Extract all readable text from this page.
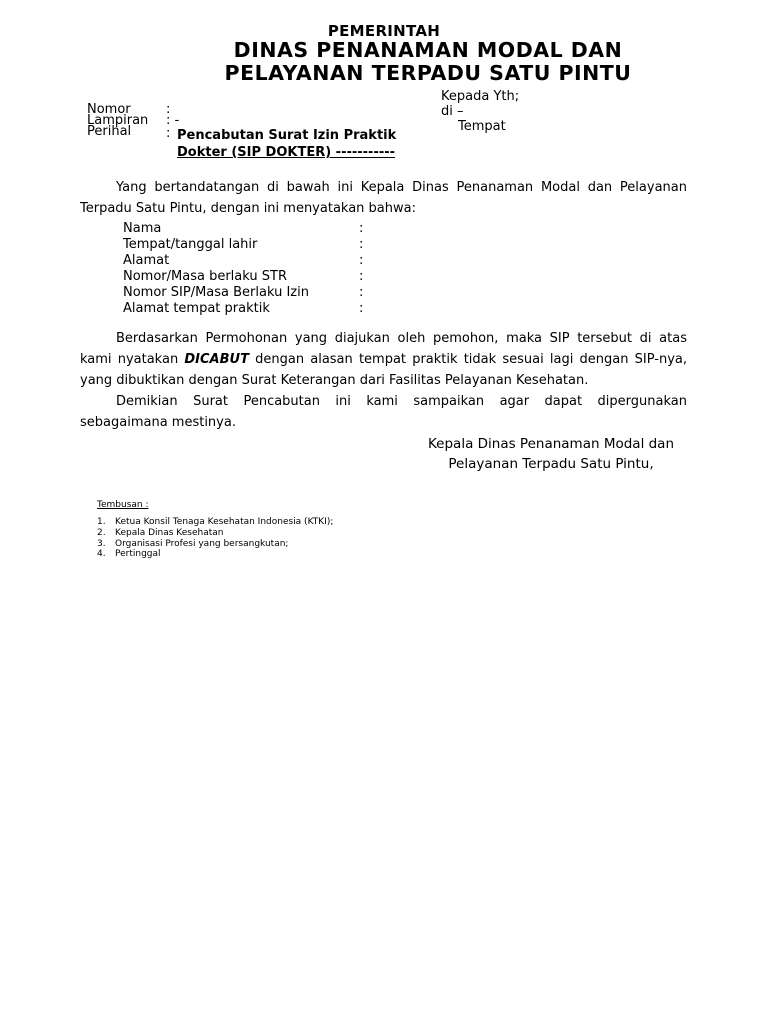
PEMERINTAH
DINAS PENANAMAN MODAL DAN
PELAYANAN TERPADU SATU PINTU
Nomor	:
Lampiran : -
Perihal	: Pencabutan Surat Izin Praktik
Dokter (SIP DOKTER) -----------
Kepada Yth;
di –
Tempat
Yang bertandatangan di bawah ini Kepala Dinas Penanaman Modal dan Pelayanan Terpadu Satu Pintu, dengan ini menyatakan bahwa:
Nama	:
Tempat/tanggal lahir	:
Alamat	:
Nomor/Masa berlaku STR	:
Nomor SIP/Masa Berlaku Izin	:
Alamat tempat praktik	:
Berdasarkan Permohonan yang diajukan oleh pemohon, maka SIP tersebut di atas kami nyatakan DICABUT dengan alasan tempat praktik tidak sesuai lagi dengan SIP-nya, yang dibuktikan dengan Surat Keterangan dari Fasilitas Pelayanan Kesehatan.
Demikian Surat Pencabutan ini kami sampaikan agar dapat dipergunakan sebagaimana mestinya.
Kepala Dinas Penanaman Modal dan
Pelayanan Terpadu Satu Pintu,
Tembusan :
1. Ketua Konsil Tenaga Kesehatan Indonesia (KTKI);
2. Kepala Dinas Kesehatan
3. Organisasi Profesi yang bersangkutan;
4. Pertinggal
